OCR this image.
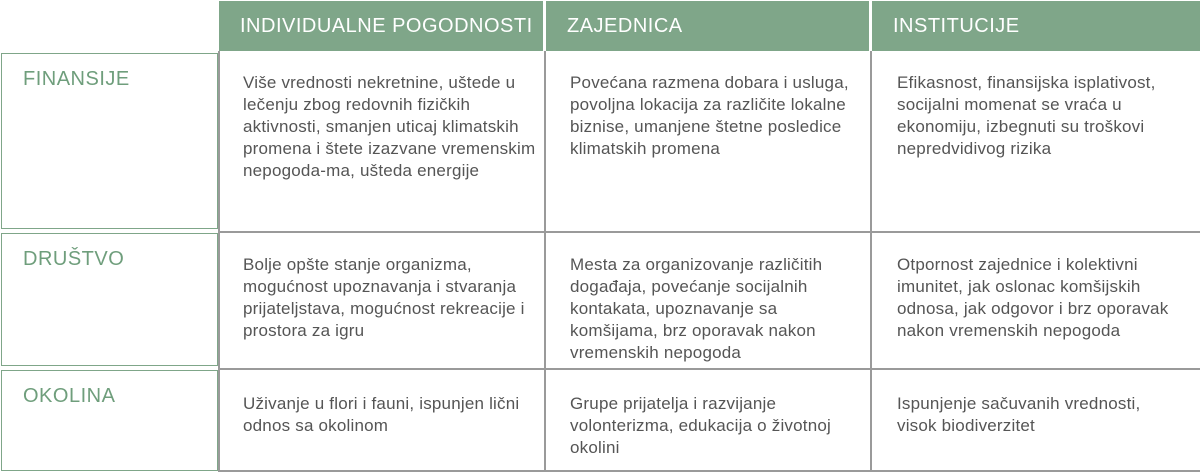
INDIVIDUALNE POGODNOSTI ZAJEDNICA	INSTITUCIJE
FINANSIJE
DRUŠTVO
OKOLINA
Više vrednosti nekretnine, uštede u lečenju zbog redovnih fizičkih aktivnosti, smanjen uticaj klimatskih promena i štete izazvane vremenskim nepogoda-ma, ušteda energije
Povećana razmena dobara i usluga, povoljna lokacija za različite lokalne biznise, umanjene štetne posledice klimatskih promena
Efikasnost, finansijska isplativost, socijalni momenat se vraća u ekonomiju, izbegnuti su troškovi nepredvidivog rizika
Bolje opšte stanje organizma, mogućnost upoznavanja i stvaranja prijateljstava, mogućnost rekreacije i prostora za igru
Mesta za organizovanje različitih događaja, povećanje socijalnih kontakata, upoznavanje sa komšijama, brz oporavak nakon vremenskih nepogoda
Otpornost zajednice i kolektivni imunitet, jak oslonac komšijskih odnosa, jak odgovor i brz oporavak nakon vremenskih nepogoda
Uživanje u flori i fauni, ispunjen lični odnos sa okolinom
Grupe prijatelja i razvijanje volonterizma, edukacija o životnoj okolini
Ispunjenje sačuvanih vrednosti, visok biodiverzitet
